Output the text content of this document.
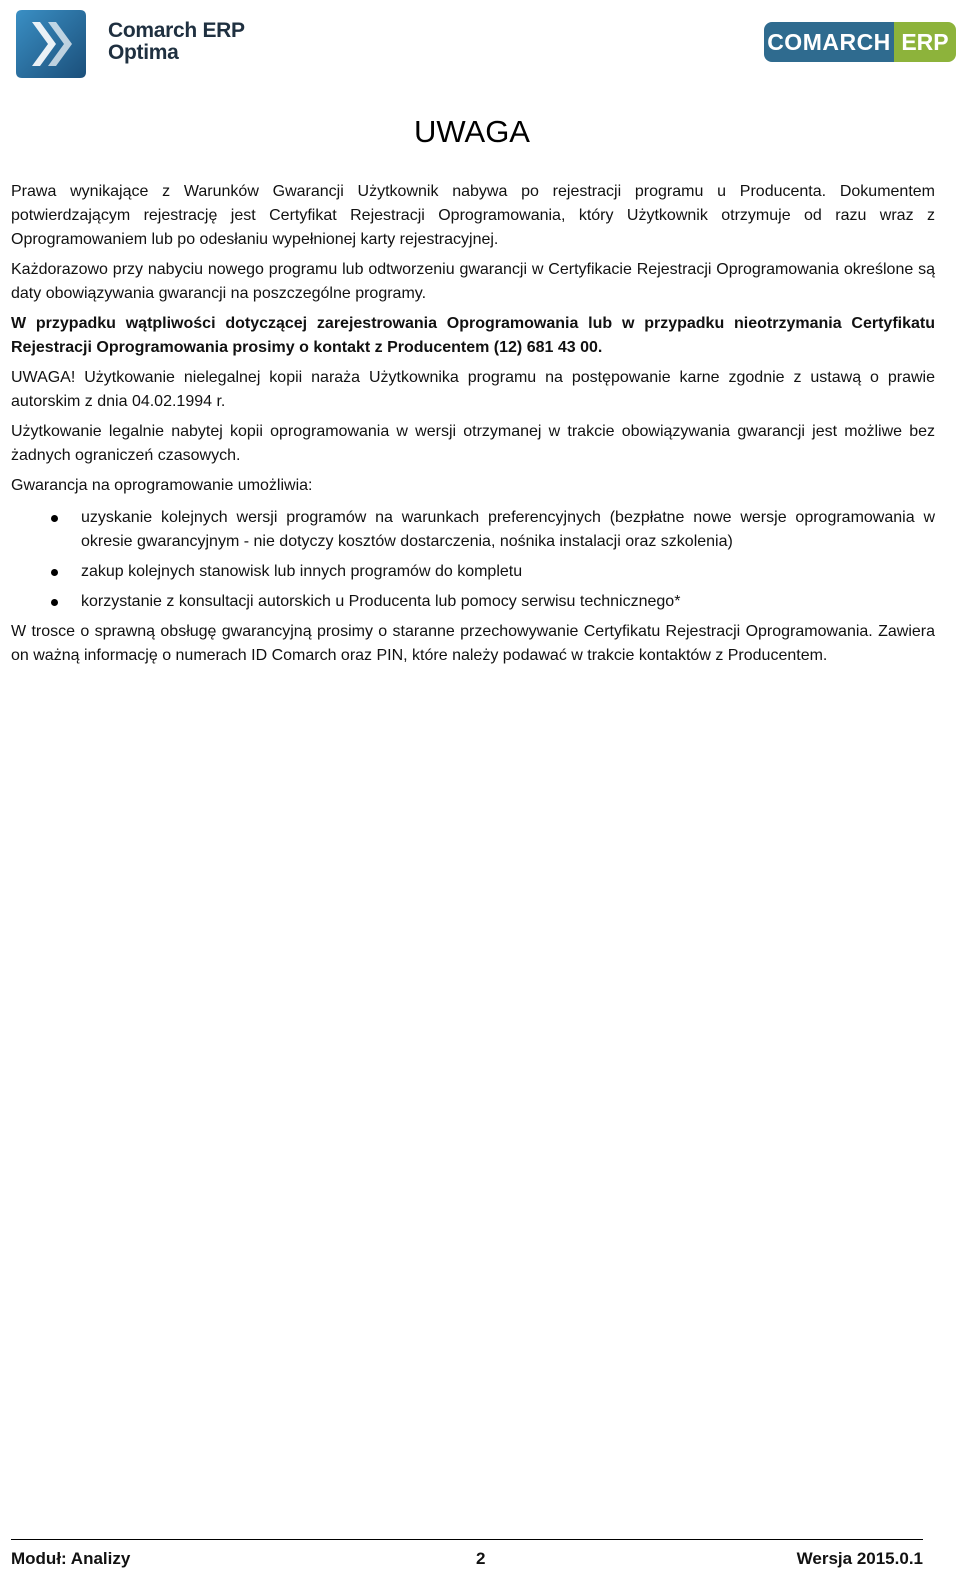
Comarch ERP
Optima	COMARCH ERP
UWAGA

Prawa wynikające z Warunków Gwarancji Użytkownik nabywa po rejestracji programu u Producenta. Dokumentem potwierdzającym rejestrację jest Certyfikat Rejestracji Oprogramowania, który Użytkownik otrzymuje od razu wraz z Oprogramowaniem lub po odesłaniu wypełnionej karty rejestracyjnej.

Każdorazowo przy nabyciu nowego programu lub odtworzeniu gwarancji w Certyfikacie Rejestracji Oprogramowania określone są daty obowiązywania gwarancji na poszczególne programy.

W przypadku wątpliwości dotyczącej zarejestrowania Oprogramowania lub w przypadku nieotrzymania Certyfikatu Rejestracji Oprogramowania prosimy o kontakt z Producentem (12) 681 43 00.

UWAGA! Użytkowanie nielegalnej kopii naraża Użytkownika programu na postępowanie karne zgodnie z ustawą o prawie autorskim z dnia 04.02.1994 r.

Użytkowanie legalnie nabytej kopii oprogramowania w wersji otrzymanej w trakcie obowiązywania gwarancji jest możliwe bez żadnych ograniczeń czasowych.

Gwarancja na oprogramowanie umożliwia:

uzyskanie kolejnych wersji programów na warunkach preferencyjnych (bezpłatne nowe wersje oprogramowania w okresie gwarancyjnym - nie dotyczy kosztów dostarczenia, nośnika instalacji oraz szkolenia)
zakup kolejnych stanowisk lub innych programów do kompletu
korzystanie z konsultacji autorskich u Producenta lub pomocy serwisu technicznego*

W trosce o sprawną obsługę gwarancyjną prosimy o staranne przechowywanie Certyfikatu Rejestracji Oprogramowania. Zawiera on ważną informację o numerach ID Comarch oraz PIN, które należy podawać w trakcie kontaktów z Producentem.

Moduł: Analizy	2	Wersja 2015.0.1
